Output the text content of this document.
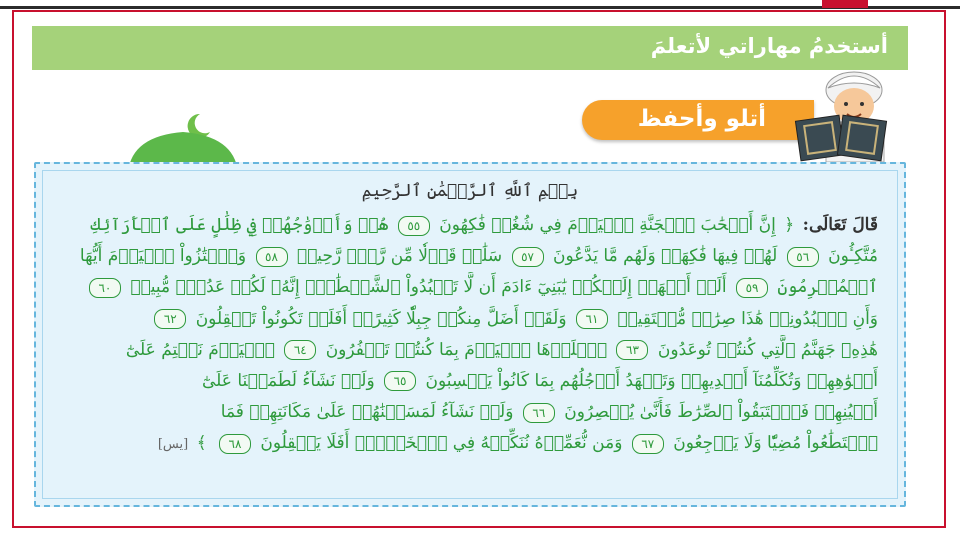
أستخدمُ مهاراتي لأتعلمَ
أتلو وأحفظ
بِسۡمِ ٱللَّهِ ٱلرَّحۡمَٰنِ ٱلرَّحِيمِ
قَالَ تَعَالَى: ﴿ إِنَّ أَصۡحَٰبَ ٱلۡجَنَّةِ ٱلۡيَوۡمَ فِي شُغُلٖ فَٰكِهُونَ ٥٥ هُمۡ وَأَزۡوَٰجُهُمۡ فِي ظِلَٰلٍ عَلَى ٱلۡأَرَآئِكِ
مُتَّكِـُٔونَ ٥٦ لَهُمۡ فِيهَا فَٰكِهَةٞ وَلَهُم مَّا يَدَّعُونَ ٥٧ سَلَٰمٞ قَوۡلٗا مِّن رَّبّٖ رَّحِيمٖ ٥٨ وَٱمۡتَٰزُواْ ٱلۡيَوۡمَ أَيُّهَا
ٱلۡمُجۡرِمُونَ ٥٩ أَلَمۡ أَعۡهَدۡ إِلَيۡكُمۡ يَٰبَنِيٓ ءَادَمَ أَن لَّا تَعۡبُدُواْ ٱلشَّيۡطَٰنَۖ إِنَّهُۥ لَكُمۡ عَدُوّٞ مُّبِينٞ ٦٠
وَأَنِ ٱعۡبُدُونِيۚ هَٰذَا صِرَٰطٞ مُّسۡتَقِيمٞ ٦١ وَلَقَدۡ أَضَلَّ مِنكُمۡ جِبِلّٗا كَثِيرًاۖ أَفَلَمۡ تَكُونُواْ تَعۡقِلُونَ ٦٢
هَٰذِهِۦ جَهَنَّمُ ٱلَّتِي كُنتُمۡ تُوعَدُونَ ٦٣ ٱصۡلَوۡهَا ٱلۡيَوۡمَ بِمَا كُنتُمۡ تَكۡفُرُونَ ٦٤ ٱلۡيَوۡمَ نَخۡتِمُ عَلَىٰٓ
أَفۡوَٰهِهِمۡ وَتُكَلِّمُنَآ أَيۡدِيهِمۡ وَتَشۡهَدُ أَرۡجُلُهُم بِمَا كَانُواْ يَكۡسِبُونَ ٦٥ وَلَوۡ نَشَآءُ لَطَمَسۡنَا عَلَىٰٓ
أَعۡيُنِهِمۡ فَٱسۡتَبَقُواْ ٱلصِّرَٰطَ فَأَنَّىٰ يُبۡصِرُونَ ٦٦ وَلَوۡ نَشَآءُ لَمَسَخۡنَٰهُمۡ عَلَىٰ مَكَانَتِهِمۡ فَمَا
ٱسۡتَطَٰعُواْ مُضِيّٗا وَلَا يَرۡجِعُونَ ٦٧ وَمَن نُّعَمِّرۡهُ نُنَكِّسۡهُ فِي ٱلۡخَلۡقِۚ أَفَلَا يَعۡقِلُونَ ٦٨ ﴾ [يس]
